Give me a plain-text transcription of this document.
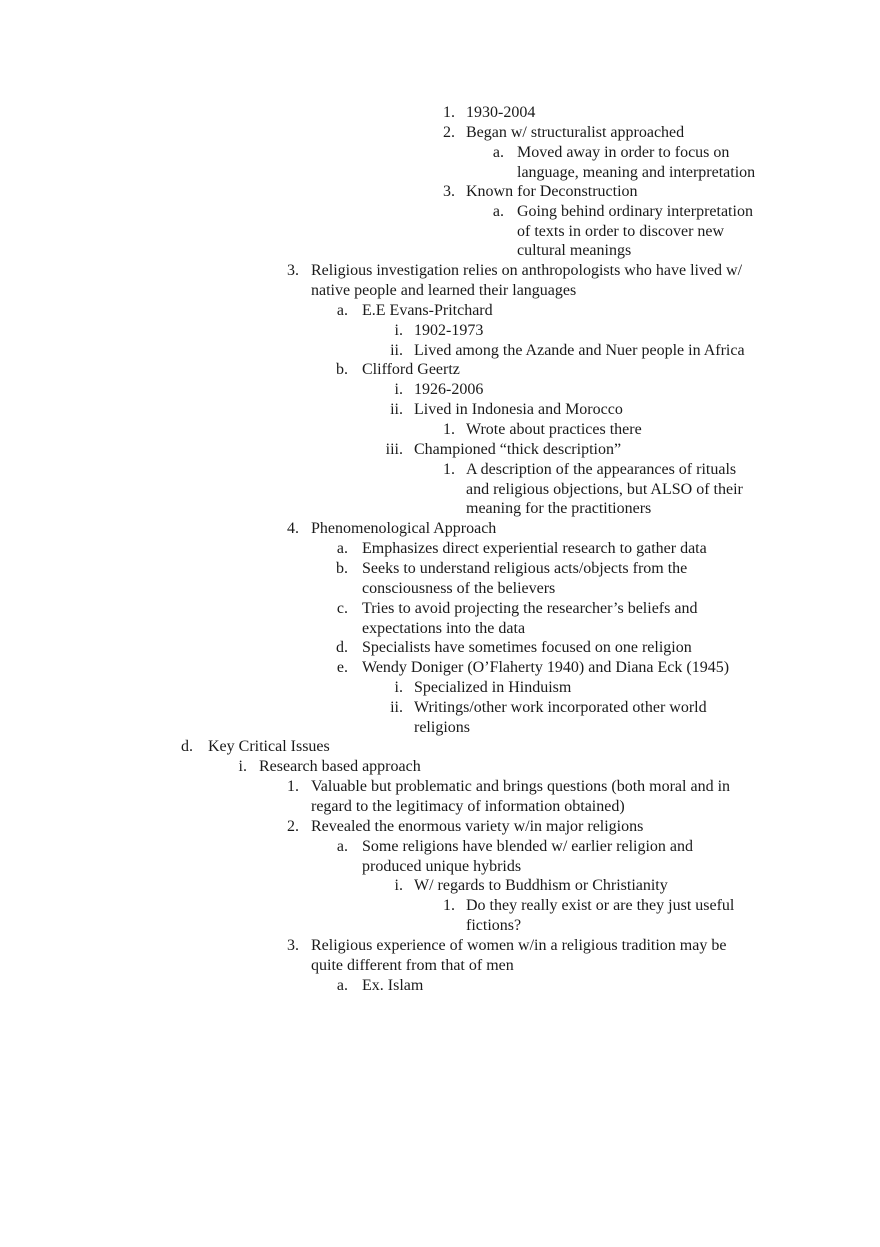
1. 1930-2004
2. Began w/ structuralist approached
a. Moved away in order to focus on
language, meaning and interpretation
3. Known for Deconstruction
a. Going behind ordinary interpretation
of texts in order to discover new
cultural meanings
3. Religious investigation relies on anthropologists who have lived w/
native people and learned their languages
a. E.E Evans-Pritchard
i. 1902-1973
ii. Lived among the Azande and Nuer people in Africa
b. Clifford Geertz
i. 1926-2006
ii. Lived in Indonesia and Morocco
1. Wrote about practices there
iii. Championed “thick description”
1. A description of the appearances of rituals
and religious objections, but ALSO of their
meaning for the practitioners
4. Phenomenological Approach
a. Emphasizes direct experiential research to gather data
b. Seeks to understand religious acts/objects from the
consciousness of the believers
c. Tries to avoid projecting the researcher’s beliefs and
expectations into the data
d. Specialists have sometimes focused on one religion
e. Wendy Doniger (O’Flaherty 1940) and Diana Eck (1945)
i. Specialized in Hinduism
ii. Writings/other work incorporated other world
religions
d. Key Critical Issues
i. Research based approach
1. Valuable but problematic and brings questions (both moral and in
regard to the legitimacy of information obtained)
2. Revealed the enormous variety w/in major religions
a. Some religions have blended w/ earlier religion and
produced unique hybrids
i. W/ regards to Buddhism or Christianity
1. Do they really exist or are they just useful
fictions?
3. Religious experience of women w/in a religious tradition may be
quite different from that of men
a. Ex. Islam
